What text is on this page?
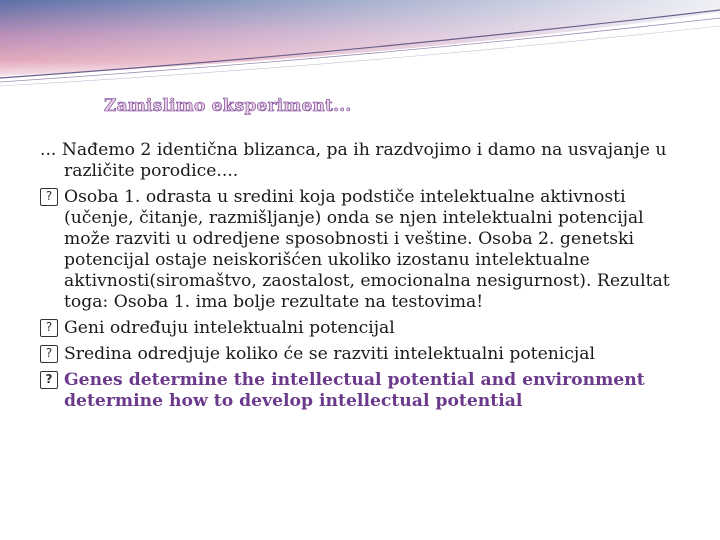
Zamislimo eksperiment...

... Nađemo 2 identična blizanca, pa ih razdvojimo i damo na usvajanje u različite porodice....

?
Osoba 1. odrasta u sredini koja podstiče intelektualne aktivnosti (učenje, čitanje, razmišljanje) onda se njen intelektualni potencijal može razviti u odredjene sposobnosti i veštine. Osoba 2. genetski potencijal ostaje neiskorišćen ukoliko izostanu intelektualne aktivnosti(siromaštvo, zaostalost, emocionalna nesigurnost). Rezultat toga: Osoba 1. ima bolje rezultate na testovima!

?
Geni određuju intelektualni potencijal

?
Sredina odredjuje koliko će se razviti intelektualni potenicjal

?
Genes determine the intellectual potential and environment determine how to develop intellectual potential
